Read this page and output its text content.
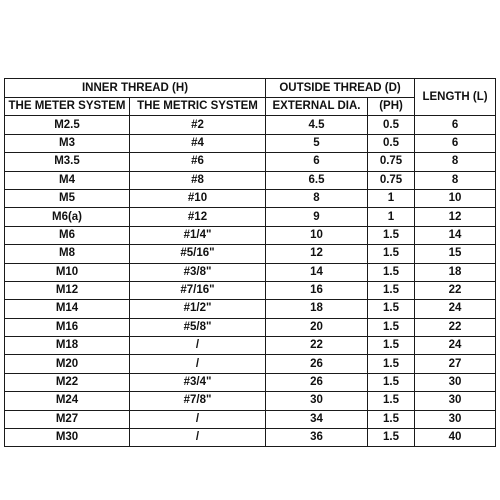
INNER THREAD (H)		OUTSIDE THREAD (D)		LENGTH (L)
THE METER SYSTEM	THE METRIC SYSTEM	EXTERNAL DIA.	(PH)	
M2.5	#2	4.5	0.5	6
M3	#4	5	0.5	6
M3.5	#6	6	0.75	8
M4	#8	6.5	0.75	8
M5	#10	8	1	10
M6(a)	#12	9	1	12
M6	#1/4"	10	1.5	14
M8	#5/16"	12	1.5	15
M10	#3/8"	14	1.5	18
M12	#7/16"	16	1.5	22
M14	#1/2"	18	1.5	24
M16	#5/8"	20	1.5	22
M18	/	22	1.5	24
M20	/	26	1.5	27
M22	#3/4"	26	1.5	30
M24	#7/8"	30	1.5	30
M27	/	34	1.5	30
M30	/	36	1.5	40
